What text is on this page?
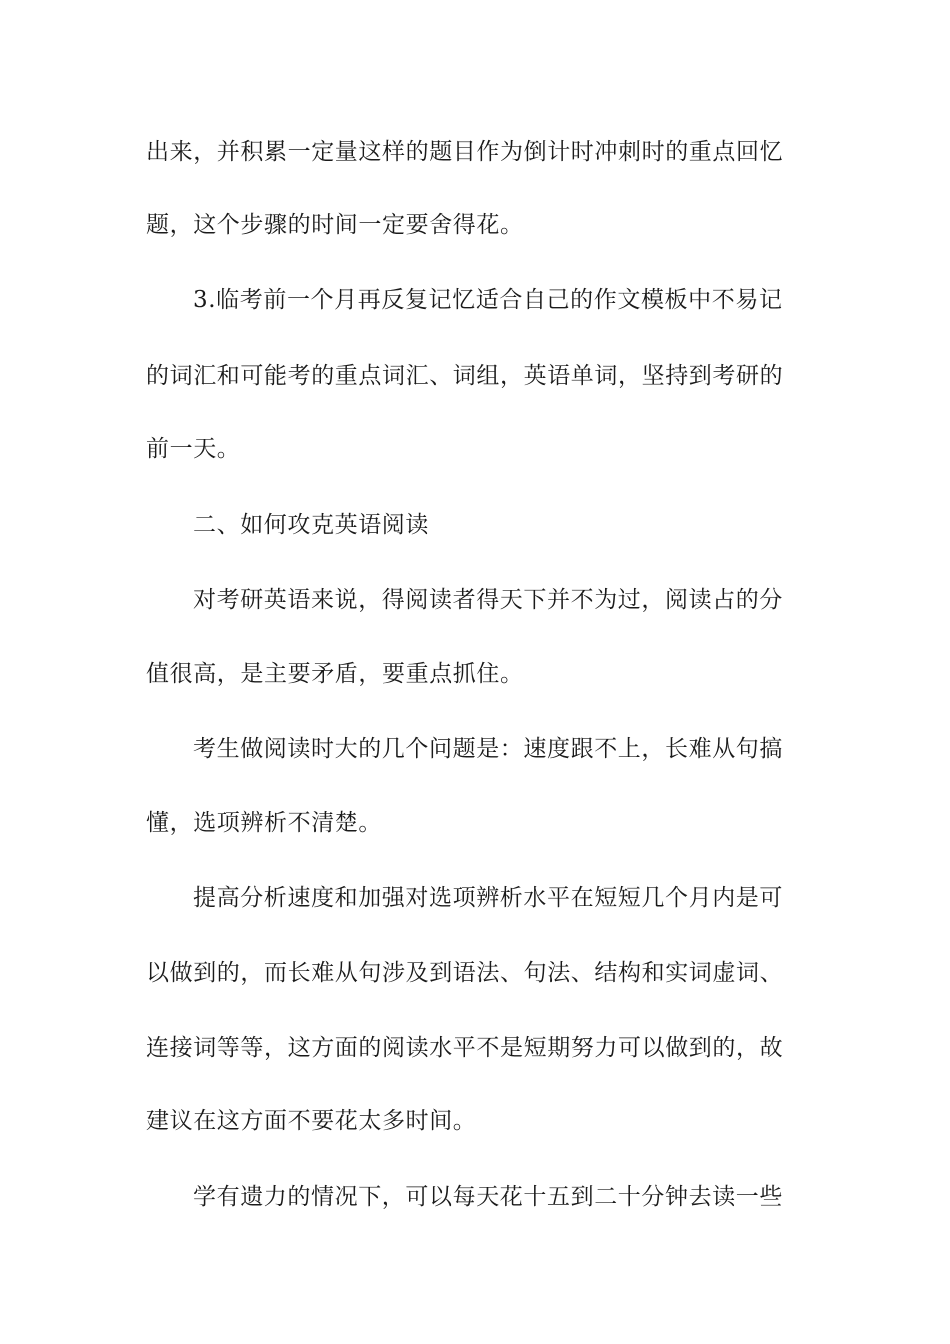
出来，并积累一定量这样的题目作为倒计时冲刺时的重点回忆
题，这个步骤的时间一定要舍得花。
3.临考前一个月再反复记忆适合自己的作文模板中不易记
的词汇和可能考的重点词汇、词组，英语单词，坚持到考研的
前一天。
二、如何攻克英语阅读
对考研英语来说，得阅读者得天下并不为过，阅读占的分
值很高，是主要矛盾，要重点抓住。
考生做阅读时大的几个问题是：速度跟不上，长难从句搞
懂，选项辨析不清楚。
提高分析速度和加强对选项辨析水平在短短几个月内是可
以做到的，而长难从句涉及到语法、句法、结构和实词虚词、
连接词等等，这方面的阅读水平不是短期努力可以做到的，故
建议在这方面不要花太多时间。
学有遗力的情况下，可以每天花十五到二十分钟去读一些
